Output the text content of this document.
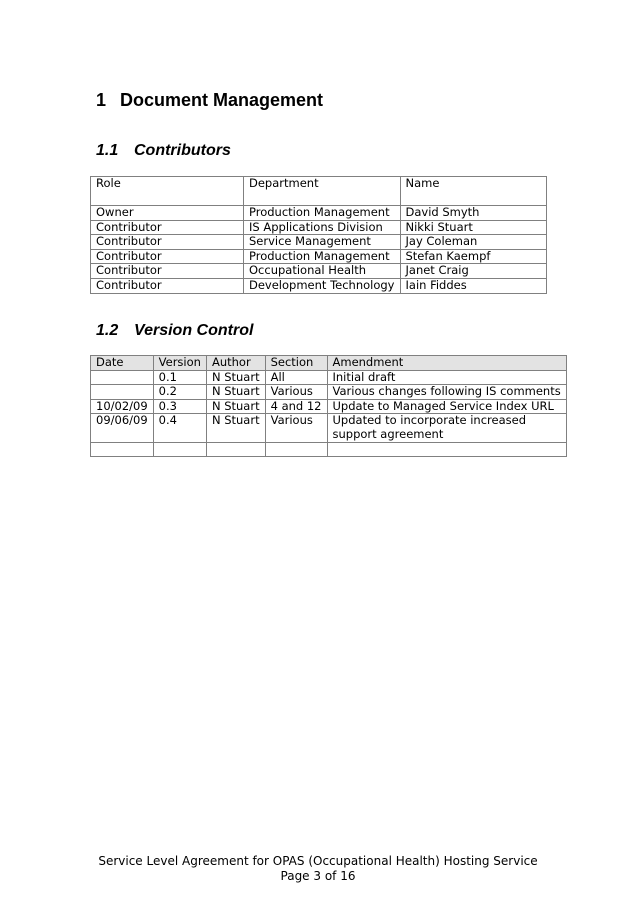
1 Document Management
1.1 Contributors
Role	Department	Name
Owner	Production Management	David Smyth
Contributor	IS Applications Division	Nikki Stuart
Contributor	Service Management	Jay Coleman
Contributor	Production Management	Stefan Kaempf
Contributor	Occupational Health	Janet Craig
Contributor	Development Technology	Iain Fiddes
1.2 Version Control
Date	Version	Author	Section	Amendment
	0.1	N Stuart	All	Initial draft
	0.2	N Stuart	Various	Various changes following IS comments
10/02/09	0.3	N Stuart	4 and 12	Update to Managed Service Index URL
09/06/09	0.4	N Stuart	Various	Updated to incorporate increased support agreement

Service Level Agreement for OPAS (Occupational Health) Hosting Service
Page 3 of 16
